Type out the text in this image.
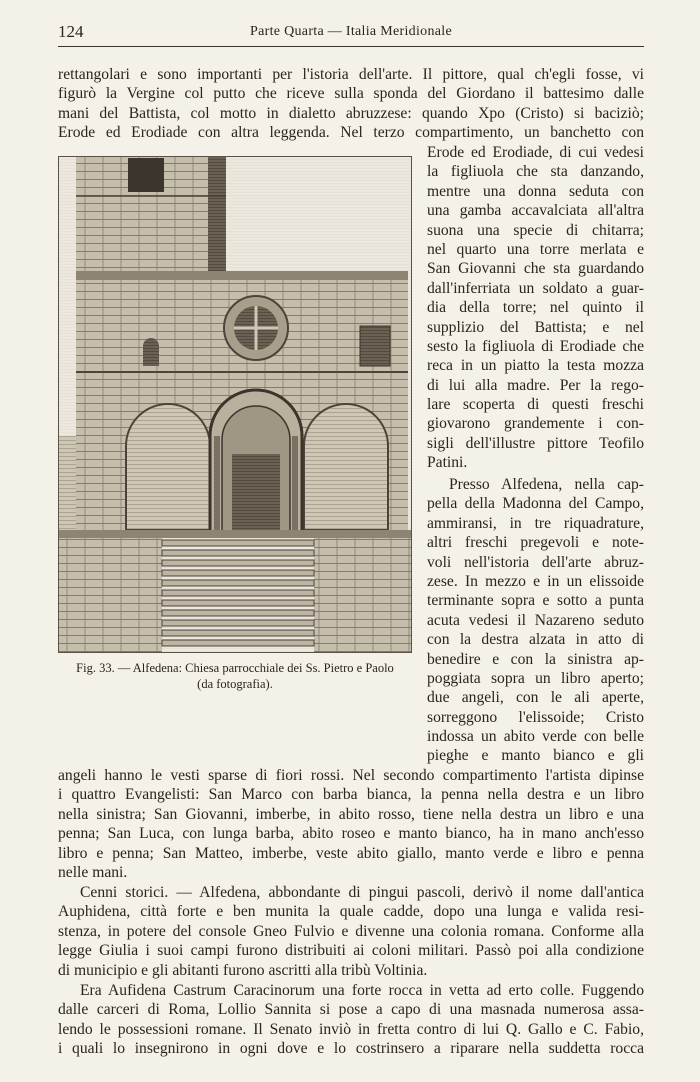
124	Parte Quarta — Italia Meridionale
rettangolari e sono importanti per l'istoria dell'arte. Il pittore, qual ch'egli fosse, vi
figurò la Vergine col putto che riceve sulla sponda del Giordano il battesimo dalle
mani del Battista, col motto in dialetto abruzzese: quando Xpo (Cristo) si baciziò;
Erode ed Erodiade con altra leggenda. Nel terzo compartimento, un banchetto con
Erode ed Erodiade, di cui vedesi
la figliuola che sta danzando,
mentre una donna seduta con
una gamba accavalciata all'altra
suona una specie di chitarra;
nel quarto una torre merlata e
San Giovanni che sta guardando
dall'inferriata un soldato a guar-
dia della torre; nel quinto il
supplizio del Battista; e nel
sesto la figliuola di Erodiade che
reca in un piatto la testa mozza
di lui alla madre. Per la rego-
lare scoperta di questi freschi
giovarono grandemente i con-
sigli dell'illustre pittore Teofilo
Patini.
Presso Alfedena, nella cap-
pella della Madonna del Campo,
ammiransi, in tre riquadrature,
altri freschi pregevoli e note-
voli nell'istoria dell'arte abruz-
zese. In mezzo e in un elissoide
terminante sopra e sotto a punta
acuta vedesi il Nazareno seduto
con la destra alzata in atto di
benedire e con la sinistra ap-
poggiata sopra un libro aperto;
due angeli, con le ali aperte,
sorreggono l'elissoide; Cristo
indossa un abito verde con belle
pieghe e manto bianco e gli
angeli hanno le vesti sparse di fiori rossi. Nel secondo compartimento l'artista dipinse
i quattro Evangelisti: San Marco con barba bianca, la penna nella destra e un libro
nella sinistra; San Giovanni, imberbe, in abito rosso, tiene nella destra un libro e una
penna; San Luca, con lunga barba, abito roseo e manto bianco, ha in mano anch'esso
libro e penna; San Matteo, imberbe, veste abito giallo, manto verde e libro e penna
nelle mani.
Cenni storici. — Alfedena, abbondante di pingui pascoli, derivò il nome dall'antica
Auphidena, città forte e ben munita la quale cadde, dopo una lunga e valida resi-
stenza, in potere del console Gneo Fulvio e divenne una colonia romana. Conforme alla
legge Giulia i suoi campi furono distribuiti ai coloni militari. Passò poi alla condizione
di municipio e gli abitanti furono ascritti alla tribù Voltinia.
Era Aufidena Castrum Caracinorum una forte rocca in vetta ad erto colle. Fuggendo
dalle carceri di Roma, Lollio Sannita si pose a capo di una masnada numerosa assa-
lendo le possessioni romane. Il Senato inviò in fretta contro di lui Q. Gallo e C. Fabio,
i quali lo insegnirono in ogni dove e lo costrinsero a riparare nella suddetta rocca
Fig. 33. — Alfedena: Chiesa parrocchiale dei Ss. Pietro e Paolo
(da fotografia).
